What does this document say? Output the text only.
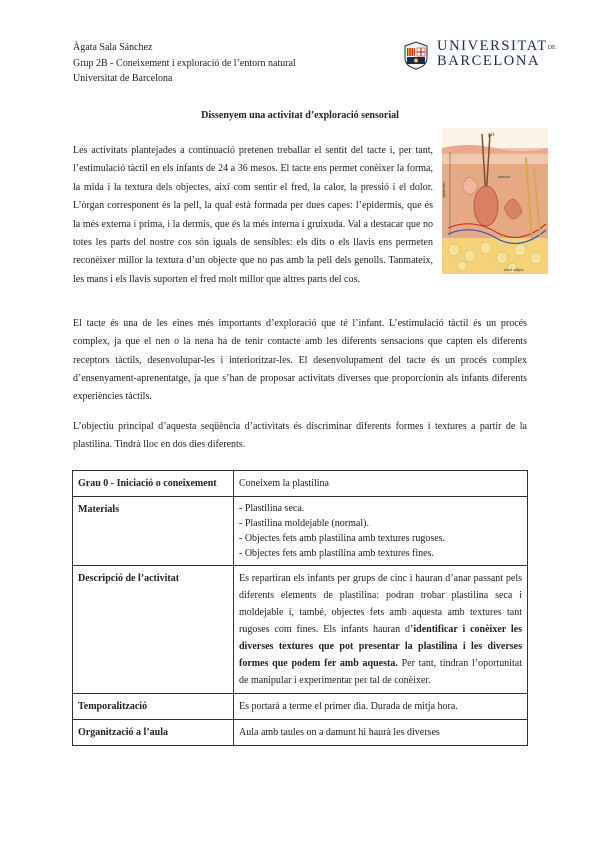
Àgata Sala Sánchez
Grup 2B - Coneixement i exploració de l’entorn natural
Universitat de Barcelona
UNIVERSITATDE
BARCELONA
Dissenyem una activitat d’exploració sensorial
Les activitats plantejades a continuació pretenen treballar el sentit del tacte i, per tant, l’estimulació tàctil en els infants de 24 a 36 mesos. El tacte ens permet conèixer la forma, la mida i la textura dels objectes, així com sentir el fred, la calor, la pressió i el dolor. L’òrgan corresponent és la pell, la qual està formada per dues capes: l’epidermis, que és la més externa i prima, i la dermis, que és la més interna i gruixuda. Val a destacar que no totes les parts del nostre cos són iguals de sensibles: els dits o els llavis ens permeten reconèixer millor la textura d’un objecte que no pas amb la pell dels genolls. Tanmateix, les mans i els llavis suporten el fred molt millor que altres parts del cos.
pèl
arrector
epidermis
teixit adipós
El tacte és una de les eines més importants d’exploració que té l’infant. L’estimulació tàctil és un procés complex, ja que el nen o la nena ha de tenir contacte amb les diferents sensacions que capten els diferents receptors tàctils, desenvolupar-les i interioritzar-les. El desenvolupament del tacte és un procés complex d’ensenyament-aprenentatge, ja que s’han de proposar activitats diverses que proporcionin als infants diferents experiències tàctils.
L’objectiu principal d’aquesta seqüència d’activitats és discriminar diferents formes i textures a partir de la plastilina. Tindrà lloc en dos dies diferents.
Grau 0 - Iniciació o coneixement	Coneixem la plastilina
Materials	- Plastilina seca.
- Plastilina moldejable (normal).
- Objectes fets amb plastilina amb textures rugoses.
- Objectes fets amb plastilina amb textures fines.

Descripció de l’activitat	Es repartiran els infants per grups de cinc i hauran d’anar passant pels diferents elements de plastilina: podran trobar plastilina seca i moldejable i, també, objectes fets amb aquesta amb textures tant rugoses com fines. Els infants hauran d’identificar i conèixer les diverses textures que pot presentar la plastilina i les diverses formes que podem fer amb aquesta. Per tant, tindran l’oportunitat de manipular i experimentar per tal de conèixer.
Temporalització	Es portarà a terme el primer dia. Durada de mitja hora.
Organització a l’aula	Aula amb taules on a damunt hi haurà les diverses
